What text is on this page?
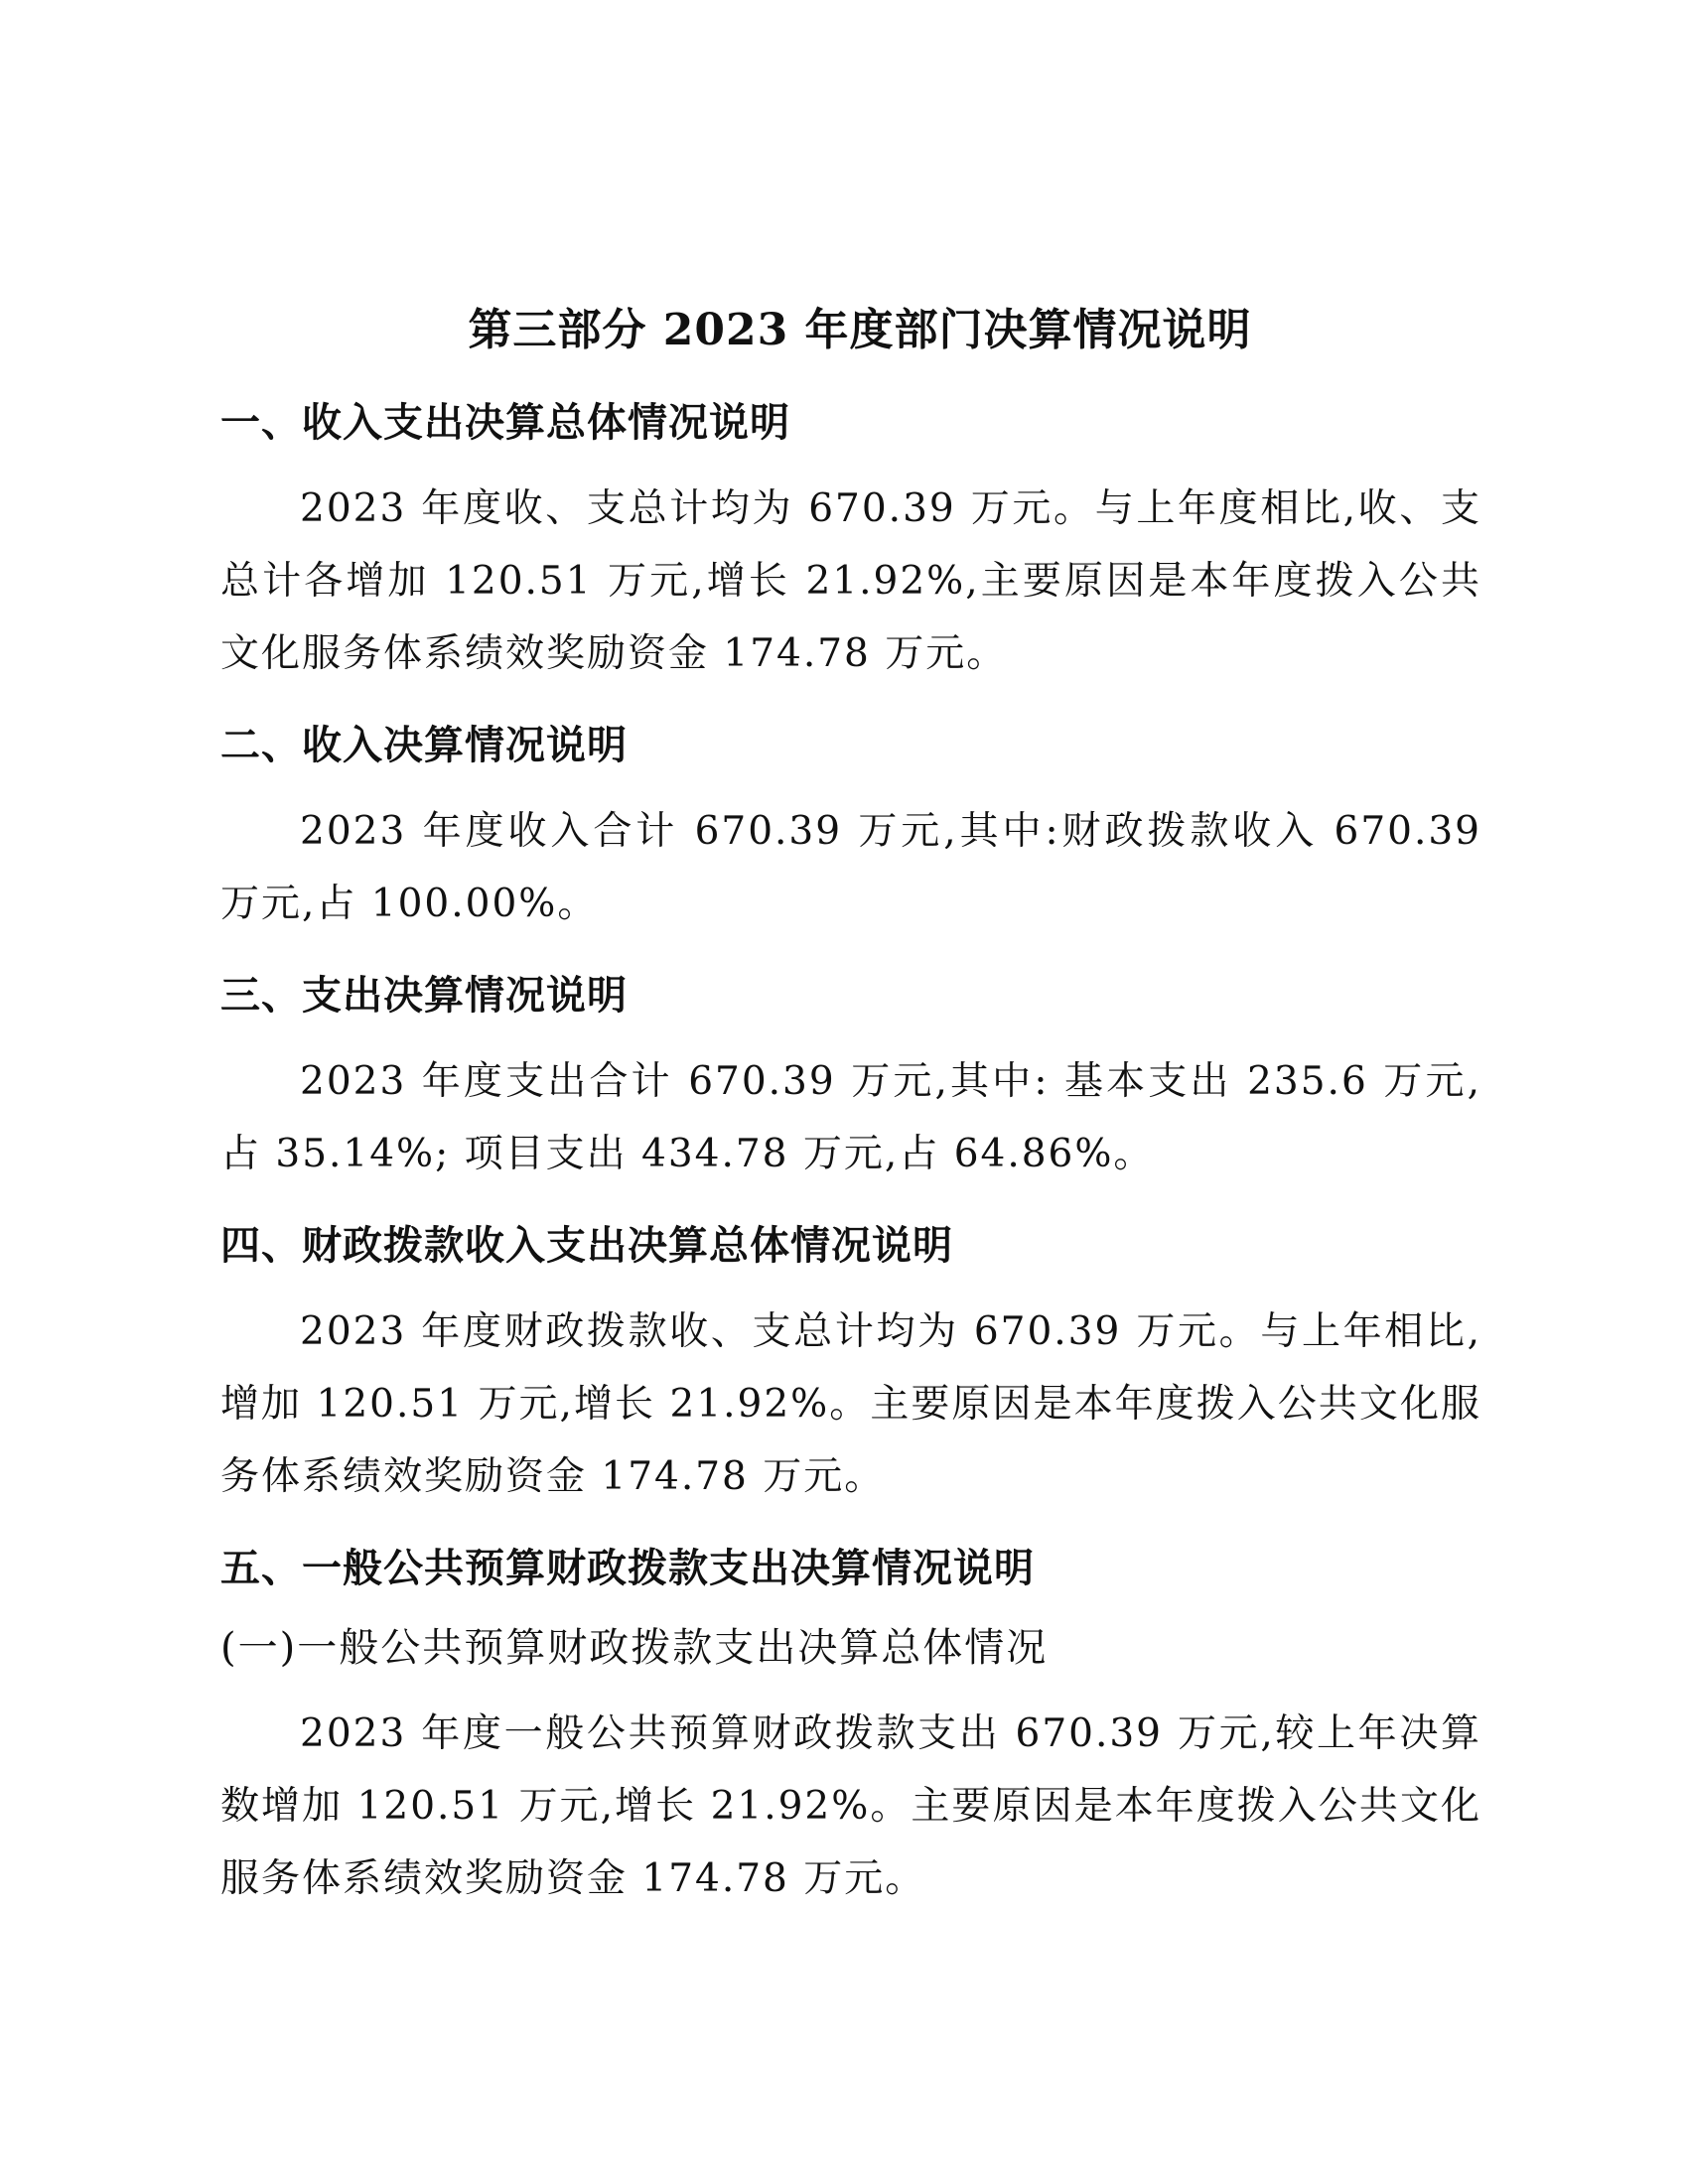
第三部分 2023 年度部门决算情况说明
一、收入支出决算总体情况说明

2023 年度收、支总计均为 670.39 万元。与上年度相比,收、支总计各增加 120.51 万元,增长 21.92%,主要原因是本年度拨入公共文化服务体系绩效奖励资金 174.78 万元。

二、收入决算情况说明

2023 年度收入合计 670.39 万元,其中:财政拨款收入 670.39 万元,占 100.00%。

三、支出决算情况说明

2023 年度支出合计 670.39 万元,其中: 基本支出 235.6 万元,占 35.14%; 项目支出 434.78 万元,占 64.86%。

四、财政拨款收入支出决算总体情况说明

2023 年度财政拨款收、支总计均为 670.39 万元。与上年相比,增加 120.51 万元,增长 21.92%。主要原因是本年度拨入公共文化服务体系绩效奖励资金 174.78 万元。

五、一般公共预算财政拨款支出决算情况说明
(一)一般公共预算财政拨款支出决算总体情况

2023 年度一般公共预算财政拨款支出 670.39 万元,较上年决算数增加 120.51 万元,增长 21.92%。主要原因是本年度拨入公共文化服务体系绩效奖励资金 174.78 万元。
